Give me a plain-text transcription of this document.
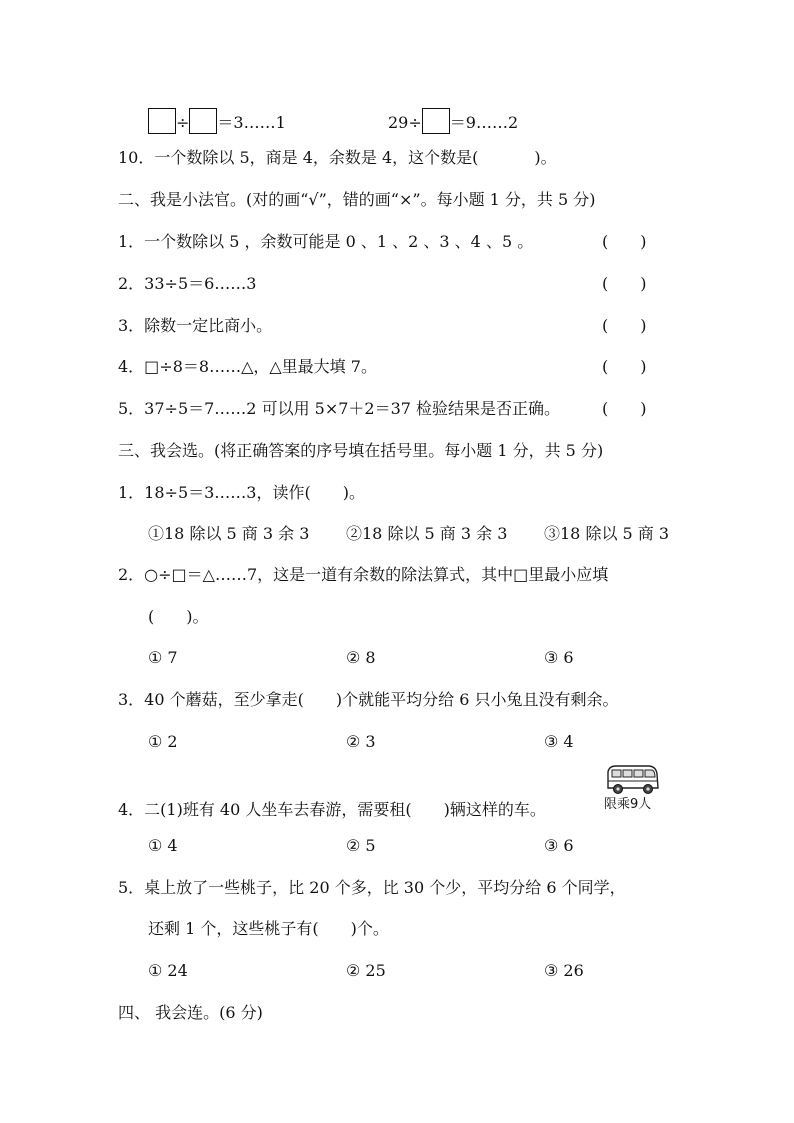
÷ ＝3……1	29÷ ＝9……2
10．一个数除以 5，商是 4，余数是 4，这个数是(	)。
二、我是小法官。(对的画“√”，错的画“×”。每小题 1 分，共 5 分)
1．一个数除以 5 ，余数可能是 0 、1 、2 、3 、4 、5 。	(　　)
2．33÷5＝6……3	(　　)
3．除数一定比商小。	(　　)
4．□÷8＝8……△，△里最大填 7。	(　　)
5．37÷5＝7……2 可以用 5×7＋2＝37 检验结果是否正确。	(　　)
三、我会选。(将正确答案的序号填在括号里。每小题 1 分，共 5 分)
1．18÷5＝3……3，读作(　　)。
①18 除以 5 商 3 余 3 ②18 除以 5 商 3 余 3 ③18 除以 5 商 3
2．○÷□＝△……7，这是一道有余数的除法算式，其中□里最小应填
(　　)。
① 7	② 8	③ 6
3．40 个蘑菇，至少拿走(　　)个就能平均分给 6 只小兔且没有剩余。
① 2	② 3	③ 4
限乘9人
4．二(1)班有 40 人坐车去春游，需要租(　　)辆这样的车。
① 4	② 5	③ 6
5．桌上放了一些桃子，比 20 个多，比 30 个少，平均分给 6 个同学，
还剩 1 个，这些桃子有(　　)个。
① 24	② 25	③ 26
四、 我会连。(6 分)
